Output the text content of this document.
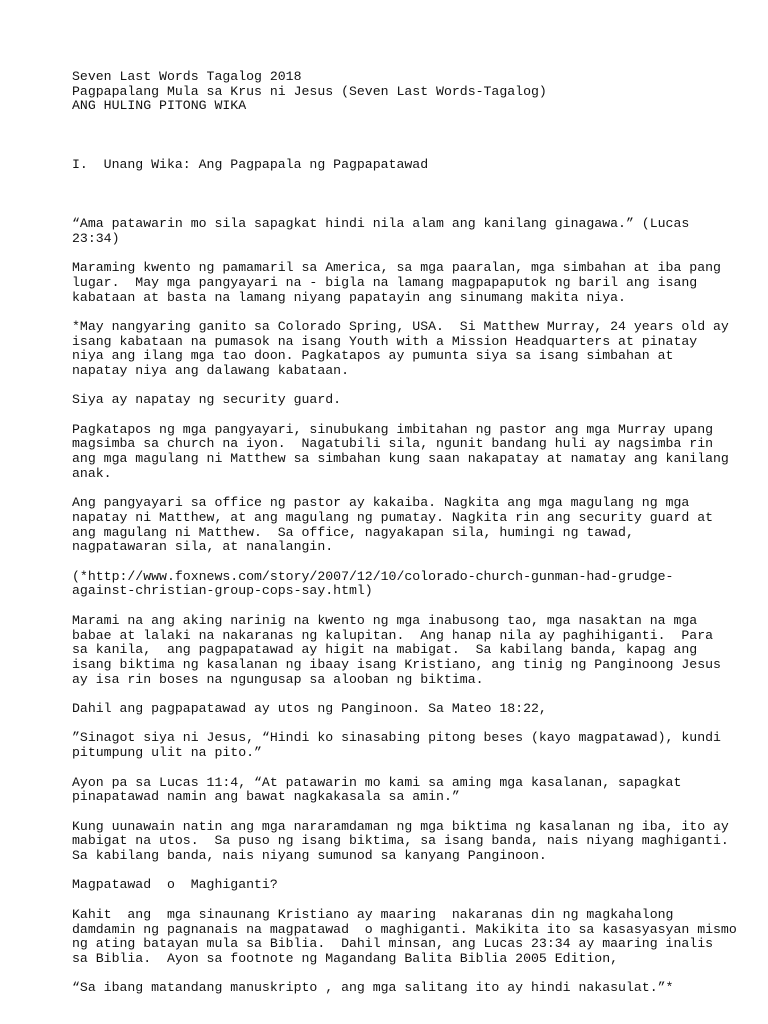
Seven Last Words Tagalog 2018
Pagpapalang Mula sa Krus ni Jesus (Seven Last Words-Tagalog)
ANG HULING PITONG WIKA

I.  Unang Wika: Ang Pagpapala ng Pagpapatawad

“Ama patawarin mo sila sapagkat hindi nila alam ang kanilang ginagawa.” (Lucas
23:34)
Maraming kwento ng pamamaril sa America, sa mga paaralan, mga simbahan at iba pang
lugar.  May mga pangyayari na - bigla na lamang magpapaputok ng baril ang isang
kabataan at basta na lamang niyang papatayin ang sinumang makita niya.
*May nangyaring ganito sa Colorado Spring, USA.  Si Matthew Murray, 24 years old ay
isang kabataan na pumasok na isang Youth with a Mission Headquarters at pinatay
niya ang ilang mga tao doon. Pagkatapos ay pumunta siya sa isang simbahan at
napatay niya ang dalawang kabataan.
Siya ay napatay ng security guard.
Pagkatapos ng mga pangyayari, sinubukang imbitahan ng pastor ang mga Murray upang
magsimba sa church na iyon.  Nagatubili sila, ngunit bandang huli ay nagsimba rin
ang mga magulang ni Matthew sa simbahan kung saan nakapatay at namatay ang kanilang
anak.
Ang pangyayari sa office ng pastor ay kakaiba. Nagkita ang mga magulang ng mga
napatay ni Matthew, at ang magulang ng pumatay. Nagkita rin ang security guard at
ang magulang ni Matthew.  Sa office, nagyakapan sila, humingi ng tawad,
nagpatawaran sila, at nanalangin.
(*http://www.foxnews.com/story/2007/12/10/colorado-church-gunman-had-grudge-
against-christian-group-cops-say.html)
Marami na ang aking narinig na kwento ng mga inabusong tao, mga nasaktan na mga
babae at lalaki na nakaranas ng kalupitan.  Ang hanap nila ay paghihiganti.  Para
sa kanila,  ang pagpapatawad ay higit na mabigat.  Sa kabilang banda, kapag ang
isang biktima ng kasalanan ng ibaay isang Kristiano, ang tinig ng Panginoong Jesus
ay isa rin boses na ngungusap sa alooban ng biktima.
Dahil ang pagpapatawad ay utos ng Panginoon. Sa Mateo 18:22,
”Sinagot siya ni Jesus, “Hindi ko sinasabing pitong beses (kayo magpatawad), kundi
pitumpung ulit na pito.”
Ayon pa sa Lucas 11:4, “At patawarin mo kami sa aming mga kasalanan, sapagkat
pinapatawad namin ang bawat nagkakasala sa amin.”
Kung uunawain natin ang mga nararamdaman ng mga biktima ng kasalanan ng iba, ito ay
mabigat na utos.  Sa puso ng isang biktima, sa isang banda, nais niyang maghiganti.
Sa kabilang banda, nais niyang sumunod sa kanyang Panginoon.
Magpatawad  o  Maghiganti?
Kahit  ang  mga sinaunang Kristiano ay maaring  nakaranas din ng magkahalong
damdamin ng pagnanais na magpatawad  o maghiganti. Makikita ito sa kasasyasyan mismo
ng ating batayan mula sa Biblia.  Dahil minsan, ang Lucas 23:34 ay maaring inalis
sa Biblia.  Ayon sa footnote ng Magandang Balita Biblia 2005 Edition,
“Sa ibang matandang manuskripto , ang mga salitang ito ay hindi nakasulat.”*
